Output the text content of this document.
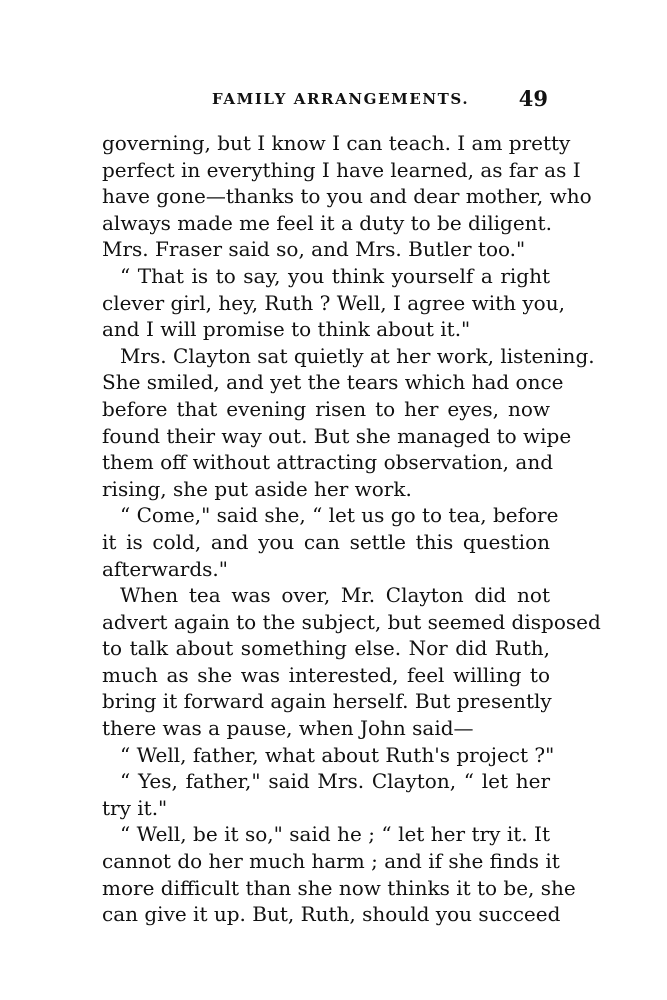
FAMILY ARRANGEMENTS. 49
governing, but I know I can teach. I am pretty
perfect in everything I have learned, as far as I
have gone—thanks to you and dear mother, who
always made me feel it a duty to be diligent.
Mrs. Fraser said so, and Mrs. Butler too."
“ That is to say, you think yourself a right
clever girl, hey, Ruth ? Well, I agree with you,
and I will promise to think about it."
Mrs. Clayton sat quietly at her work, listening.
She smiled, and yet the tears which had once
before that evening risen to her eyes, now
found their way out. But she managed to wipe
them off without attracting observation, and
rising, she put aside her work.
“ Come," said she, “ let us go to tea, before
it is cold, and you can settle this question
afterwards."
When tea was over, Mr. Clayton did not
advert again to the subject, but seemed disposed
to talk about something else. Nor did Ruth,
much as she was interested, feel willing to
bring it forward again herself. But presently
there was a pause, when John said—
“ Well, father, what about Ruth's project ?"
“ Yes, father," said Mrs. Clayton, “ let her
try it."
“ Well, be it so," said he ; “ let her try it. It
cannot do her much harm ; and if she finds it
more difficult than she now thinks it to be, she
can give it up. But, Ruth, should you succeed
